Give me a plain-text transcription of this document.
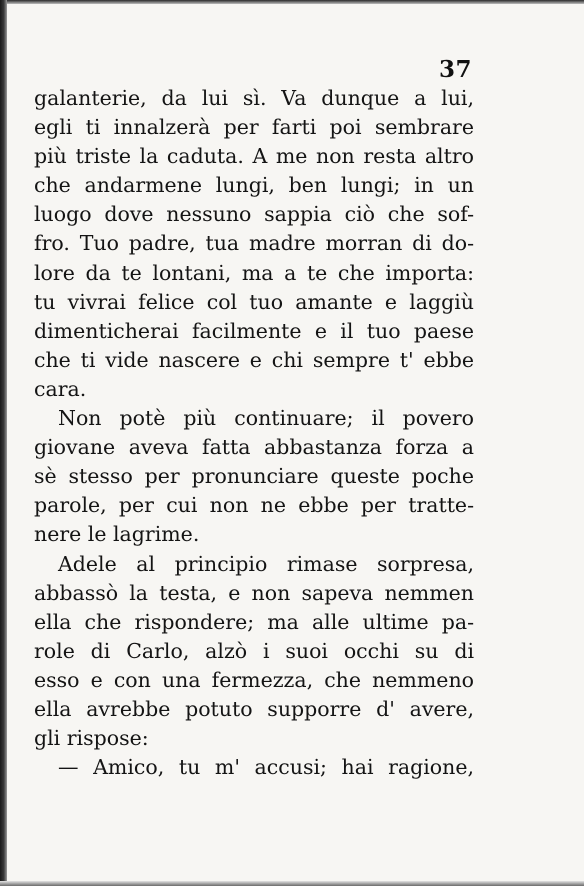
37
galanterie, da lui sì. Va dunque a lui,
egli ti innalzerà per farti poi sembrare
più triste la caduta. A me non resta altro
che andarmene lungi, ben lungi; in un
luogo dove nessuno sappia ciò che sof-
fro. Tuo padre, tua madre morran di do-
lore da te lontani, ma a te che importa:
tu vivrai felice col tuo amante e laggiù
dimenticherai facilmente e il tuo paese
che ti vide nascere e chi sempre t' ebbe
cara.
Non potè più continuare; il povero
giovane aveva fatta abbastanza forza a
sè stesso per pronunciare queste poche
parole, per cui non ne ebbe per tratte-
nere le lagrime.
Adele al principio rimase sorpresa,
abbassò la testa, e non sapeva nemmen
ella che rispondere; ma alle ultime pa-
role di Carlo, alzò i suoi occhi su di
esso e con una fermezza, che nemmeno
ella avrebbe potuto supporre d' avere,
gli rispose:
— Amico, tu m' accusi; hai ragione,
